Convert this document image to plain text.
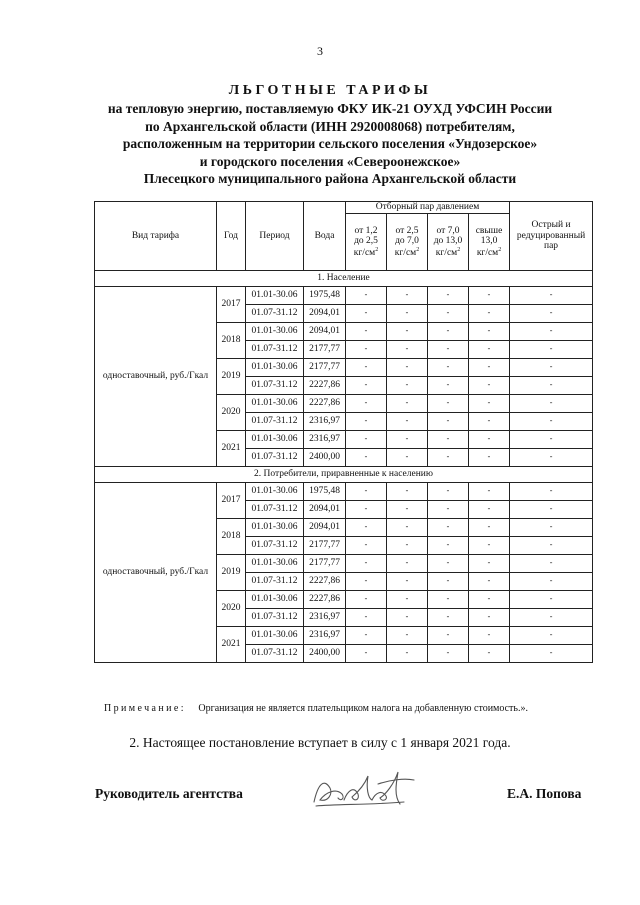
3
ЛЬГОТНЫЕ ТАРИФЫ
на тепловую энергию, поставляемую ФКУ ИК-21 ОУХД УФСИН России
по Архангельской области (ИНН 2920008068) потребителям,
расположенным на территории сельского поселения «Ундозерское»
и городского поселения «Североонежское»
Плесецкого муниципального района Архангельской области
Вид тарифа	Год	Период	Вода	Отборный пар давлением				Острый и редуцированный пар
				от 1,2
до 2,5
$кг/см^2$	от 2,5
до 7,0
$кг/см^2$	от 7,0
до 13,0
$кг/см^2$	свыше
13,0
$кг/см^2$
1. Население								
одноставочный, руб./Гкал	2017	01.01-30.06	1975,48	-	-	-	-	-
		01.07-31.12	2094,01	-	-	-	-	-
	2018	01.01-30.06	2094,01	-	-	-	-	-
		01.07-31.12	2177,77	-	-	-	-	-
	2019	01.01-30.06	2177,77	-	-	-	-	-
		01.07-31.12	2227,86	-	-	-	-	-
	2020	01.01-30.06	2227,86	-	-	-	-	-
		01.07-31.12	2316,97	-	-	-	-	-
	2021	01.01-30.06	2316,97	-	-	-	-	-
		01.07-31.12	2400,00	-	-	-	-	-
2. Потребители, приравненные к населению								
одноставочный, руб./Гкал	2017	01.01-30.06	1975,48	-	-	-	-	-
		01.07-31.12	2094,01	-	-	-	-	-
	2018	01.01-30.06	2094,01	-	-	-	-	-
		01.07-31.12	2177,77	-	-	-	-	-
	2019	01.01-30.06	2177,77	-	-	-	-	-
		01.07-31.12	2227,86	-	-	-	-	-
	2020	01.01-30.06	2227,86	-	-	-	-	-
		01.07-31.12	2316,97	-	-	-	-	-
	2021	01.01-30.06	2316,97	-	-	-	-	-
		01.07-31.12	2400,00	-	-	-	-	-
Примечание: Организация не является плательщиком налога на добавленную стоимость.».
2. Настоящее постановление вступает в силу с 1 января 2021 года.
Руководитель агентства	Е.А. Попова
